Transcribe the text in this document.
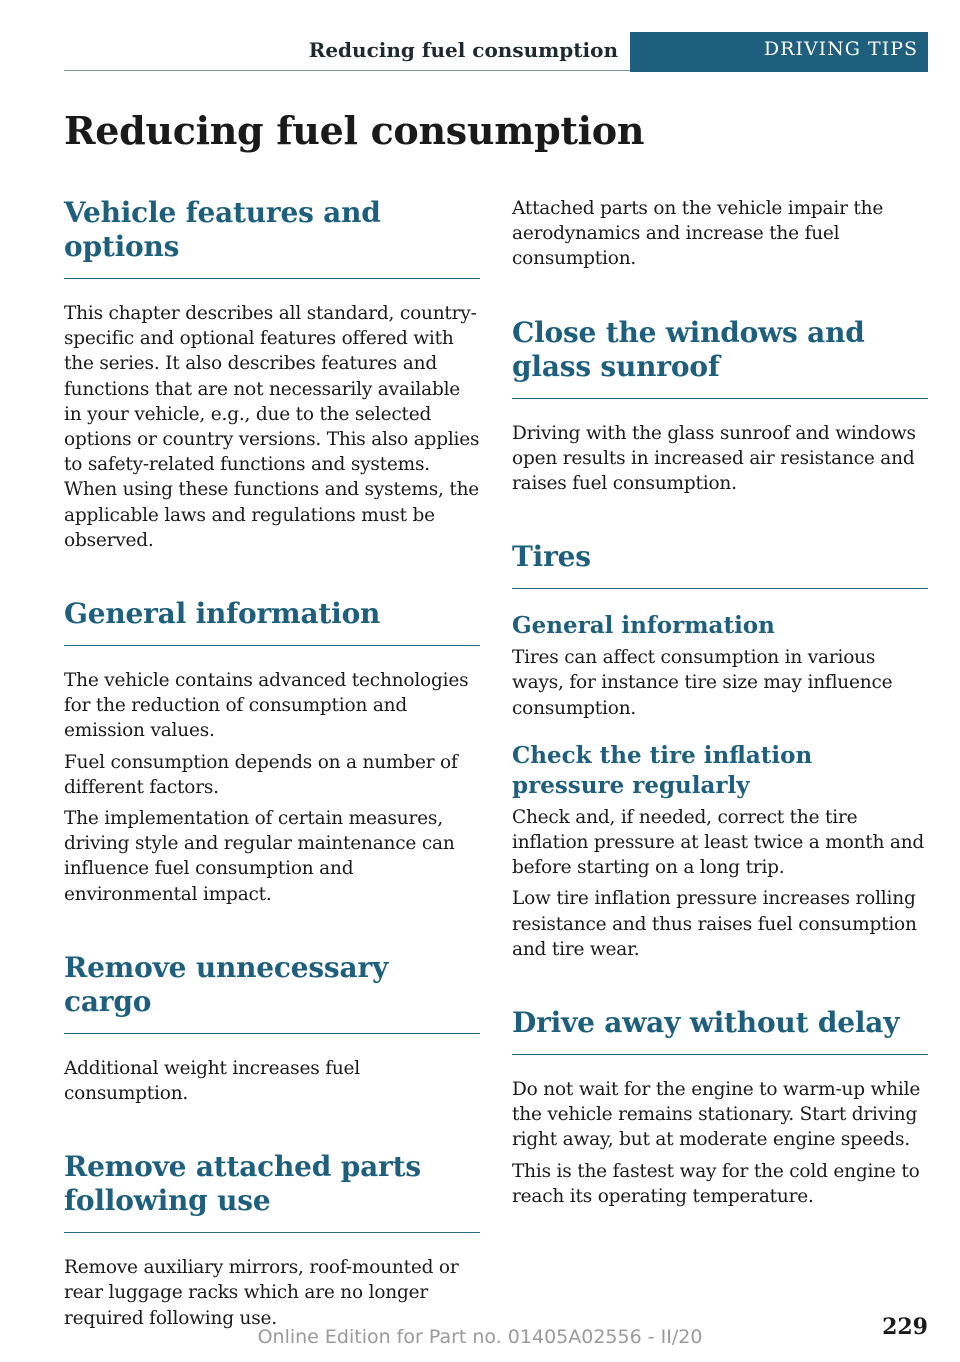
Reducing fuel consumption	DRIVING TIPS
Reducing fuel consumption
Vehicle features and options

This chapter describes all standard, country-specific and optional features offered with the series. It also describes features and functions that are not necessarily available in your vehicle, e.g., due to the selected options or country versions. This also applies to safety-related functions and systems. When using these functions and systems, the applicable laws and regulations must be observed.

General information

The vehicle contains advanced technologies for the reduction of consumption and emission values.

Fuel consumption depends on a number of different factors.

The implementation of certain measures, driving style and regular maintenance can influence fuel consumption and environmental impact.

Remove unnecessary cargo

Additional weight increases fuel consumption.

Remove attached parts following use

Remove auxiliary mirrors, roof-mounted or rear luggage racks which are no longer required following use.

Attached parts on the vehicle impair the aerodynamics and increase the fuel consumption.

Close the windows and glass sunroof

Driving with the glass sunroof and windows open results in increased air resistance and raises fuel consumption.

Tires
General information

Tires can affect consumption in various ways, for instance tire size may influence consumption.

Check the tire inflation pressure regularly

Check and, if needed, correct the tire inflation pressure at least twice a month and before starting on a long trip.

Low tire inflation pressure increases rolling resistance and thus raises fuel consumption and tire wear.

Drive away without delay

Do not wait for the engine to warm-up while the vehicle remains stationary. Start driving right away, but at moderate engine speeds.

This is the fastest way for the cold engine to reach its operating temperature.

229
Online Edition for Part no. 01405A02556 - II/20
